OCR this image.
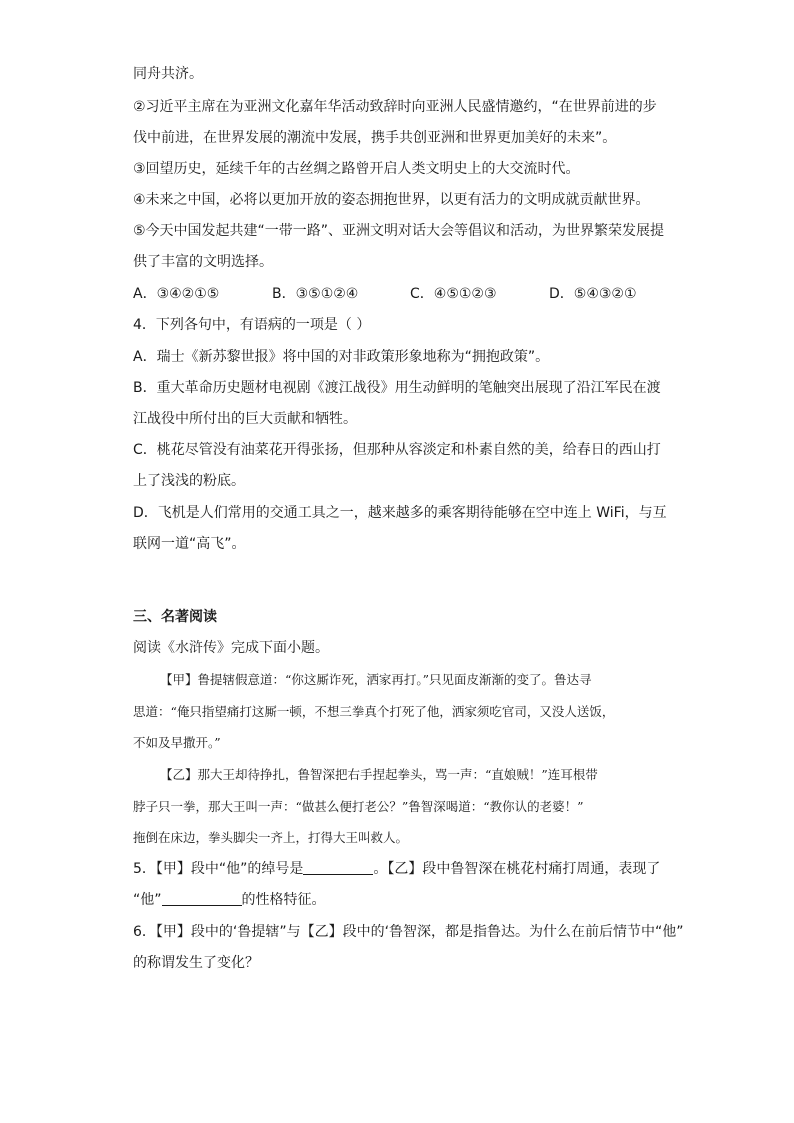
同舟共济。
②习近平主席在为亚洲文化嘉年华活动致辞时向亚洲人民盛情邀约，“在世界前进的步
伐中前进，在世界发展的潮流中发展，携手共创亚洲和世界更加美好的未来”。
③回望历史，延续千年的古丝绸之路曾开启人类文明史上的大交流时代。
④未来之中国，必将以更加开放的姿态拥抱世界，以更有活力的文明成就贡献世界。
⑤今天中国发起共建“一带一路”、亚洲文明对话大会等倡议和活动，为世界繁荣发展提
供了丰富的文明选择。
A．③④②①⑤	B．③⑤①②④	C．④⑤①②③	D．⑤④③②①
4．下列各句中，有语病的一项是（ ）
A．瑞士《新苏黎世报》将中国的对非政策形象地称为“拥抱政策”。
B．重大革命历史题材电视剧《渡江战役》用生动鲜明的笔触突出展现了沿江军民在渡
江战役中所付出的巨大贡献和牺牲。
C．桃花尽管没有油菜花开得张扬，但那种从容淡定和朴素自然的美，给春日的西山打
上了浅浅的粉底。
D．飞机是人们常用的交通工具之一，越来越多的乘客期待能够在空中连上 WiFi，与互
联网一道“高飞”。
三、名著阅读
阅读《水浒传》完成下面小题。
【甲】鲁提辖假意道：“你这厮诈死，洒家再打。”只见面皮渐渐的变了。鲁达寻
思道：“俺只指望痛打这厮一顿，不想三拳真个打死了他，洒家须吃官司，又没人送饭，
不如及早撒开。”
【乙】那大王却待挣扎，鲁智深把右手捏起拳头，骂一声：“直娘贼！”连耳根带
脖子只一拳，那大王叫一声：“做甚么便打老公？”鲁智深喝道：“教你认的老婆！”
拖倒在床边，拳头脚尖一齐上，打得大王叫救人。
5．【甲】段中“他”的绰号是	。【乙】段中鲁智深在桃花村痛打周通，表现了
“他”	的性格特征。
6．【甲】段中的‘鲁提辖”与【乙】段中的‘鲁智深，都是指鲁达。为什么在前后情节中“他”
的称谓发生了变化？
